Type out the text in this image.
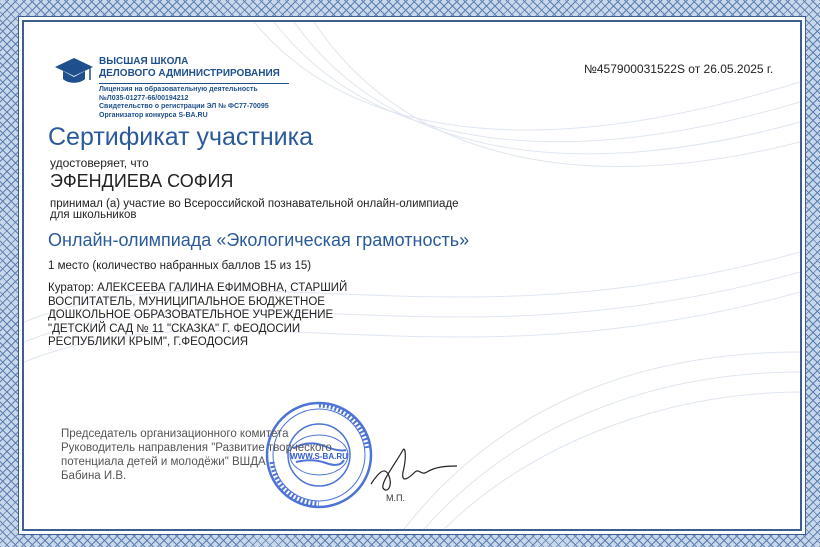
ВЫСШАЯ ШКОЛА
ДЕЛОВОГО АДМИНИСТРИРОВАНИЯ
Лицензия на образовательную деятельность
№Л035-01277-66/00194212
Свидетельство о регистрации ЭЛ № ФС77-70095
Организатор конкурса S-BA.RU
№457900031522S от 26.05.2025 г.
Сертификат участника
удостоверяет, что
ЭФЕНДИЕВА СОФИЯ
принимал (а) участие во Всероссийской познавательной онлайн-олимпиаде
для школьников
Онлайн-олимпиада «Экологическая грамотность»
1 место (количество набранных баллов 15 из 15)
Куратор: АЛЕКСЕЕВА ГАЛИНА ЕФИМОВНА, СТАРШИЙ
ВОСПИТАТЕЛЬ, МУНИЦИПАЛЬНОЕ БЮДЖЕТНОЕ
ДОШКОЛЬНОЕ ОБРАЗОВАТЕЛЬНОЕ УЧРЕЖДЕНИЕ
"ДЕТСКИЙ САД № 11 "СКАЗКА" Г. ФЕОДОСИИ
РЕСПУБЛИКИ КРЫМ", Г.ФЕОДОСИЯ
WWW.S-BA.RU
Председатель организационного комитета
Руководитель направления "Развитие творческого
потенциала детей и молодёжи" ВШДА
Бабина И.В.
М.П.
